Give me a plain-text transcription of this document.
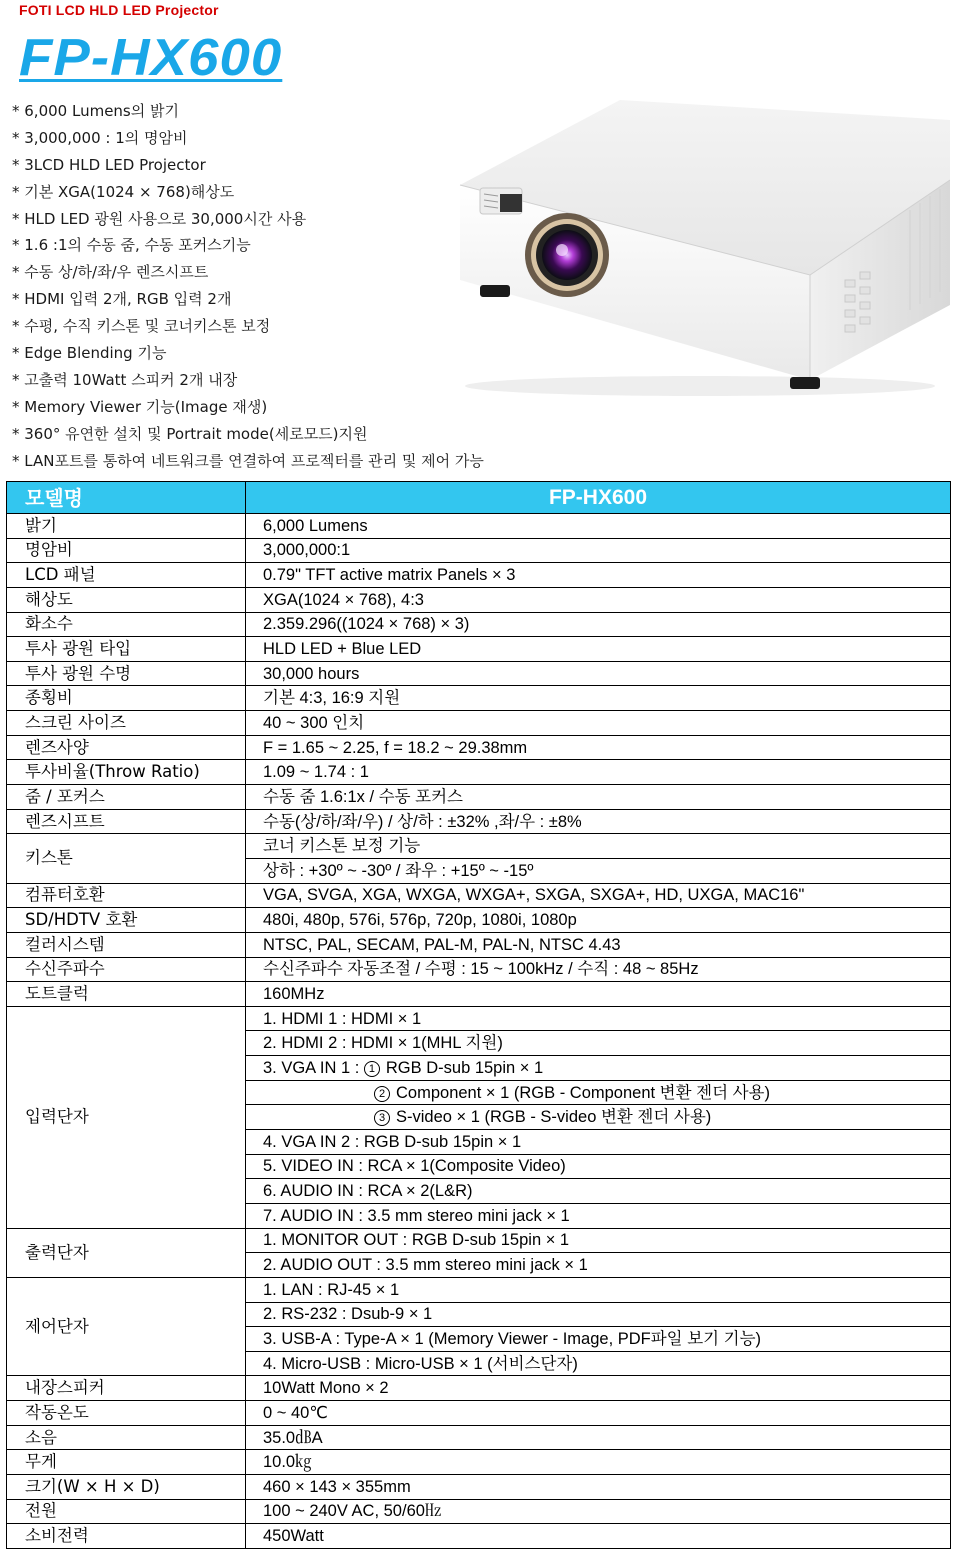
FOTI LCD HLD LED Projector
FP-HX600
* 6,000 Lumens의 밝기
* 3,000,000 : 1의 명암비
* 3LCD HLD LED Projector
* 기본 XGA(1024 × 768)해상도
* HLD LED 광원 사용으로 30,000시간 사용
* 1.6 :1의 수동 줌, 수동 포커스기능
* 수동 상/하/좌/우 렌즈시프트
* HDMI 입력 2개, RGB 입력 2개
* 수평, 수직 키스톤 및 코너키스톤 보정
* Edge Blending 기능
* 고출력 10Watt 스피커 2개 내장
* Memory Viewer 기능(Image 재생)
* 360° 유연한 설치 및 Portrait mode(세로모드)지원
* LAN포트를 통하여 네트워크를 연결하여 프로젝터를 관리 및 제어 가능
모델명	FP-HX600
밝기	6,000 Lumens
명암비	3,000,000:1
LCD 패널	0.79" TFT active matrix Panels × 3
해상도	XGA(1024 × 768), 4:3
화소수	2.359.296((1024 × 768) × 3)
투사 광원 타입	HLD LED + Blue LED
투사 광원 수명	30,000 hours
종횡비	기본 4:3, 16:9 지원
스크린 사이즈	40 ~ 300 인치
렌즈사양	F = 1.65 ~ 2.25, f = 18.2 ~ 29.38mm
투사비율(Throw Ratio)	1.09 ~ 1.74 : 1
줌 / 포커스	수동 줌 1.6:1x / 수동 포커스
렌즈시프트	수동(상/하/좌/우) / 상/하 : ±32% ,좌/우 : ±8%
키스톤	코너 키스톤 보정 기능
	상하 : +30º ~ -30º / 좌우 : +15º ~ -15º
컴퓨터호환	VGA, SVGA, XGA, WXGA, WXGA+, SXGA, SXGA+, HD, UXGA, MAC16"
SD/HDTV 호환	480i, 480p, 576i, 576p, 720p, 1080i, 1080p
컬러시스템	NTSC, PAL, SECAM, PAL-M, PAL-N, NTSC 4.43
수신주파수	수신주파수 자동조절 / 수평 : 15 ~ 100kHz / 수직 : 48 ~ 85Hz
도트클럭	160MHz
입력단자	1. HDMI 1 : HDMI × 1
	2. HDMI 2 : HDMI × 1(MHL 지원)
	3. VGA IN 1 : 1 RGB D-sub 15pin × 1
	2 Component × 1 (RGB - Component 변환 젠더 사용)
	3 S-video × 1 (RGB - S-video 변환 젠더 사용)
	4. VGA IN 2 : RGB D-sub 15pin × 1
	5. VIDEO IN : RCA × 1(Composite Video)
	6. AUDIO IN : RCA × 2(L&R)
	7. AUDIO IN : 3.5 mm stereo mini jack × 1
출력단자	1. MONITOR OUT : RGB D-sub 15pin × 1
	2. AUDIO OUT : 3.5 mm stereo mini jack × 1
제어단자	1. LAN : RJ-45 × 1
	2. RS-232 : Dsub-9 × 1
	3. USB-A : Type-A × 1 (Memory Viewer - Image, PDF파일 보기 기능)
	4. Micro-USB : Micro-USB × 1 (서비스단자)
내장스피커	10Watt Mono × 2
작동온도	0 ~ 40℃
소음	35.0㏈A
무게	10.0㎏
크기(W × H × D)	460 × 143 × 355mm
전원	100 ~ 240V AC, 50/60㎐
소비전력	450Watt
